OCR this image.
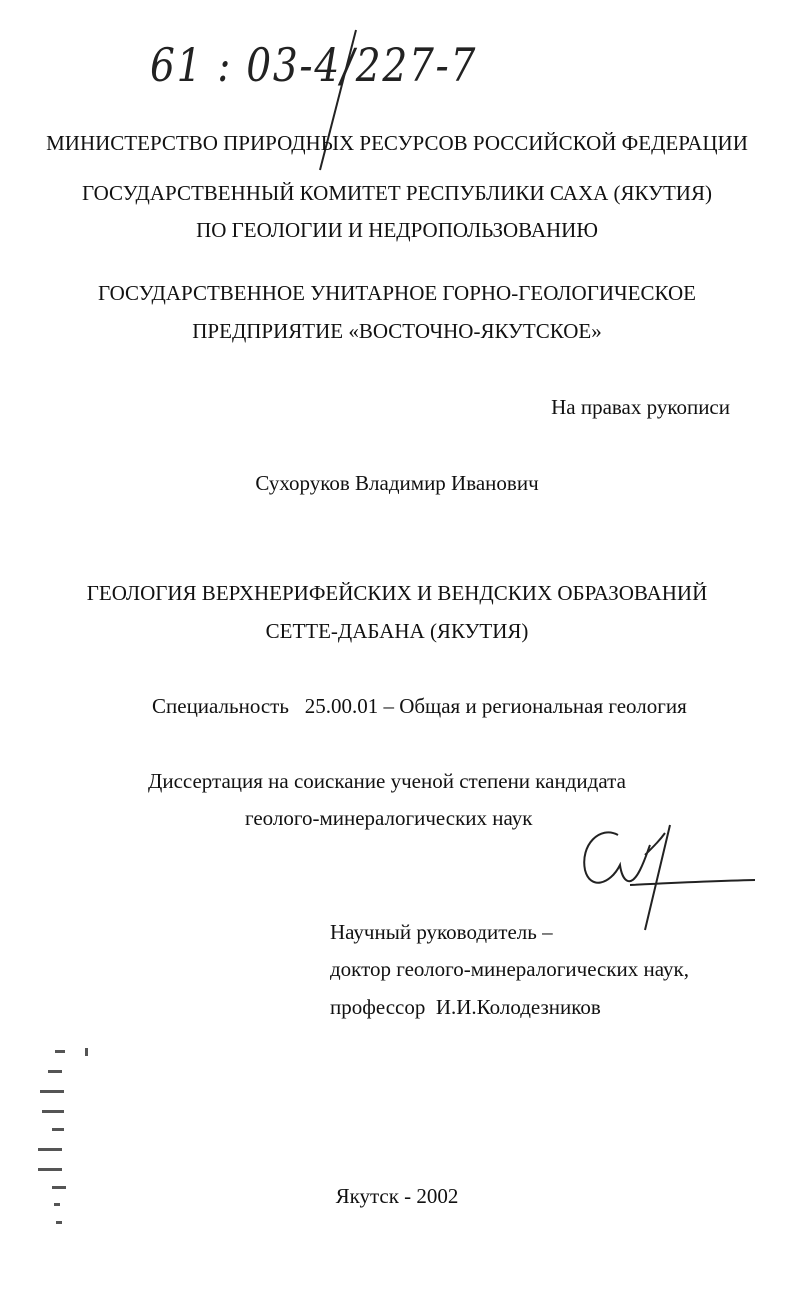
61 : 03-4/227-7
МИНИСТЕРСТВО ПРИРОДНЫХ РЕСУРСОВ РОССИЙСКОЙ ФЕДЕРАЦИИ
ГОСУДАРСТВЕННЫЙ КОМИТЕТ РЕСПУБЛИКИ САХА (ЯКУТИЯ)
ПО ГЕОЛОГИИ И НЕДРОПОЛЬЗОВАНИЮ
ГОСУДАРСТВЕННОЕ УНИТАРНОЕ ГОРНО-ГЕОЛОГИЧЕСКОЕ
ПРЕДПРИЯТИЕ «ВОСТОЧНО-ЯКУТСКОЕ»
На правах рукописи
Сухоруков Владимир Иванович
ГЕОЛОГИЯ ВЕРХНЕРИФЕЙСКИХ И ВЕНДСКИХ ОБРАЗОВАНИЙ
СЕТТЕ-ДАБАНА (ЯКУТИЯ)
Специальность   25.00.01 – Общая и региональная геология
Диссертация на соискание ученой степени кандидата
геолого-минералогических наук
Научный руководитель –
доктор геолого-минералогических наук,
профессор  И.И.Колодезников
Якутск - 2002
